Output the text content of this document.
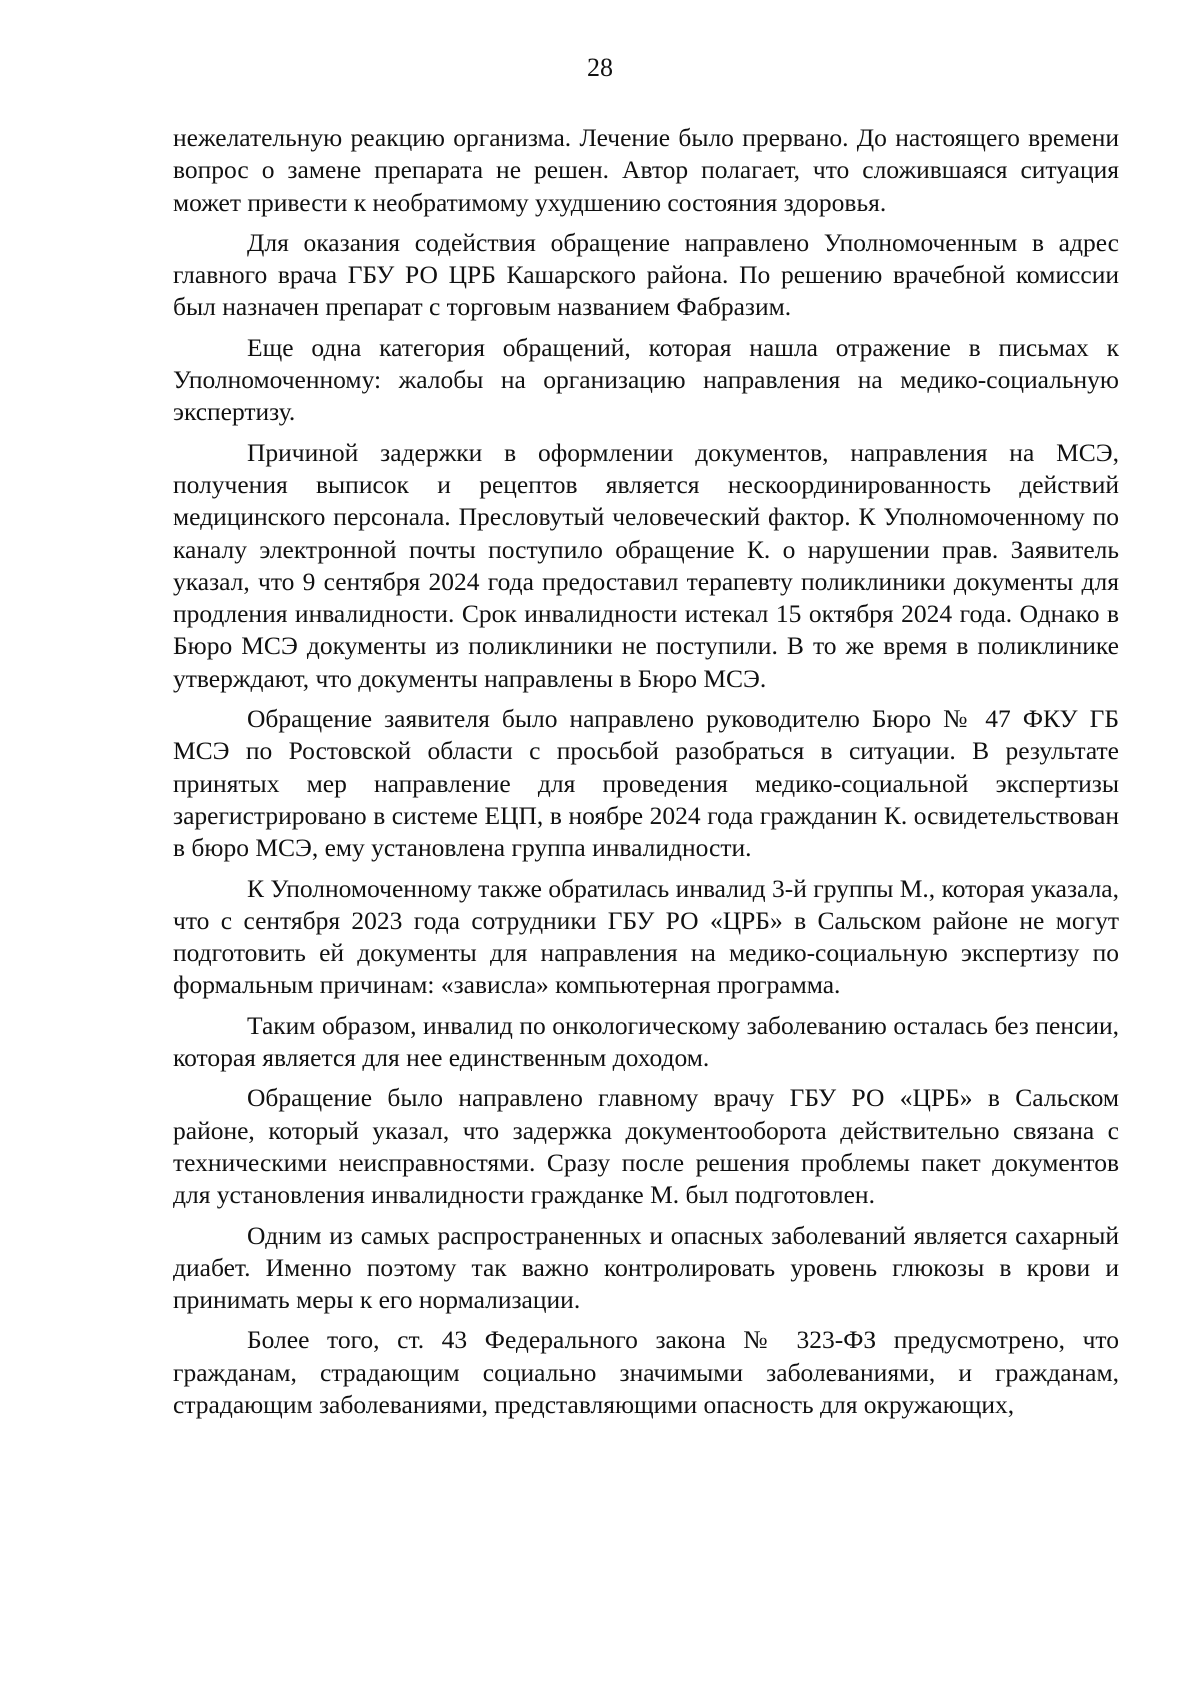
28

нежелательную реакцию организма. Лечение было прервано. До настоящего времени вопрос о замене препарата не решен. Автор полагает, что сложившаяся ситуация может привести к необратимому ухудшению состояния здоровья.

Для оказания содействия обращение направлено Уполномоченным в адрес главного врача ГБУ РО ЦРБ Кашарского района. По решению врачебной комиссии был назначен препарат с торговым названием Фабразим.

Еще одна категория обращений, которая нашла отражение в письмах к Уполномоченному: жалобы на организацию направления на медико-социальную экспертизу.

Причиной задержки в оформлении документов, направления на МСЭ, получения выписок и рецептов является нескоординированность действий медицинского персонала. Пресловутый человеческий фактор. К Уполномоченному по каналу электронной почты поступило обращение К. о нарушении прав. Заявитель указал, что 9 сентября 2024 года предоставил терапевту поликлиники документы для продления инвалидности. Срок инвалидности истекал 15 октября 2024 года. Однако в Бюро МСЭ документы из поликлиники не поступили. В то же время в поликлинике утверждают, что документы направлены в Бюро МСЭ.

Обращение заявителя было направлено руководителю Бюро № 47 ФКУ ГБ МСЭ по Ростовской области с просьбой разобраться в ситуации. В результате принятых мер направление для проведения медико-социальной экспертизы зарегистрировано в системе ЕЦП, в ноябре 2024 года гражданин К. освидетельствован в бюро МСЭ, ему установлена группа инвалидности.

К Уполномоченному также обратилась инвалид 3-й группы М., которая указала, что с сентября 2023 года сотрудники ГБУ РО «ЦРБ» в Сальском районе не могут подготовить ей документы для направления на медико-социальную экспертизу по формальным причинам: «зависла» компьютерная программа.

Таким образом, инвалид по онкологическому заболеванию осталась без пенсии, которая является для нее единственным доходом.

Обращение было направлено главному врачу ГБУ РО «ЦРБ» в Сальском районе, который указал, что задержка документооборота действительно связана с техническими неисправностями. Сразу после решения проблемы пакет документов для установления инвалидности гражданке М. был подготовлен.

Одним из самых распространенных и опасных заболеваний является сахарный диабет. Именно поэтому так важно контролировать уровень глюкозы в крови и принимать меры к его нормализации.

Более того, ст. 43 Федерального закона № 323-ФЗ предусмотрено, что гражданам, страдающим социально значимыми заболеваниями, и гражданам, страдающим заболеваниями, представляющими опасность для окружающих,
